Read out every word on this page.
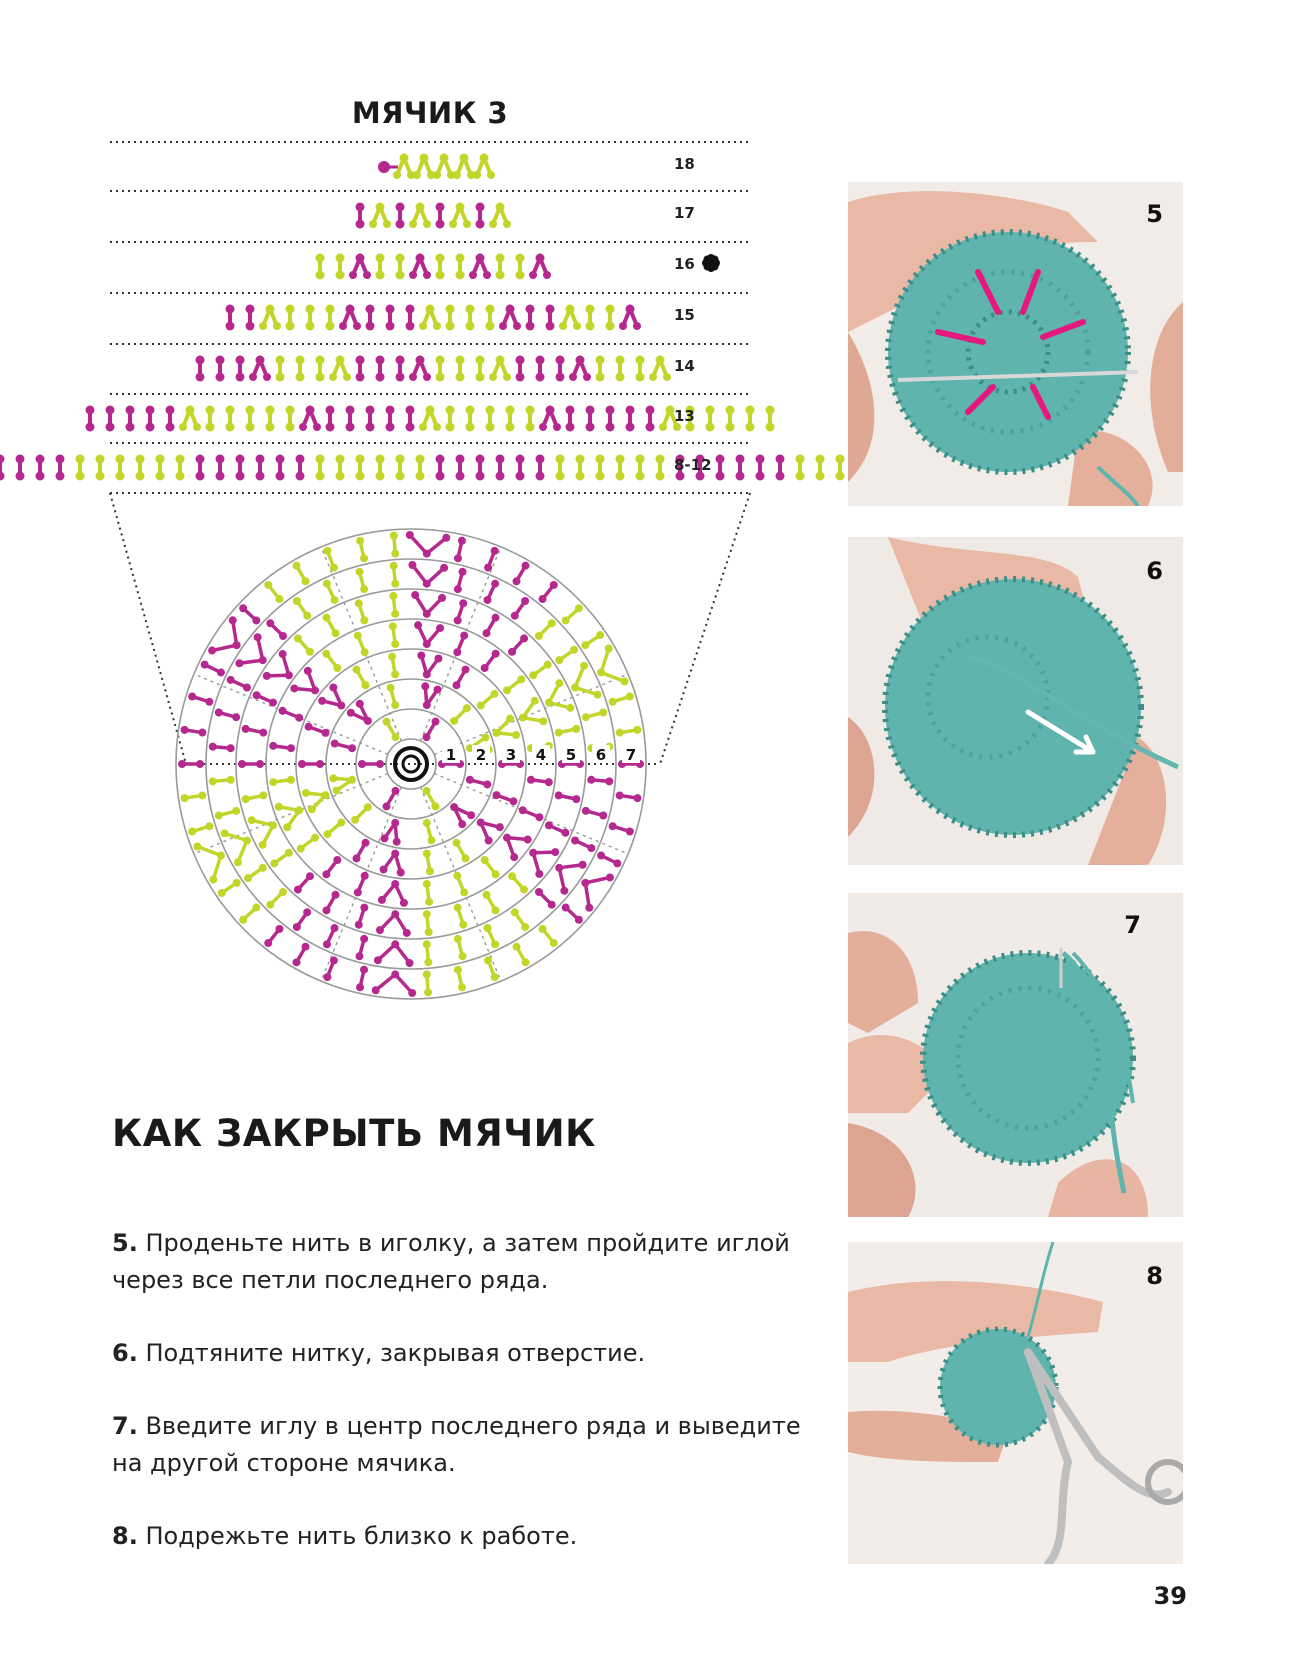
МЯЧИК 3
18
17
16
15
14
13
8-12
1 2 3 4 5 6 7
КАК ЗАКРЫТЬ МЯЧИК
5. Проденьте нить в иголку, а затем пройдите иглой через все петли последнего ряда.
6. Подтяните нитку, закрывая отверстие.
7. Введите иглу в центр последнего ряда и выведите на другой стороне мячика.
8. Подрежьте нить близко к работе.
5
6
7
8
39
